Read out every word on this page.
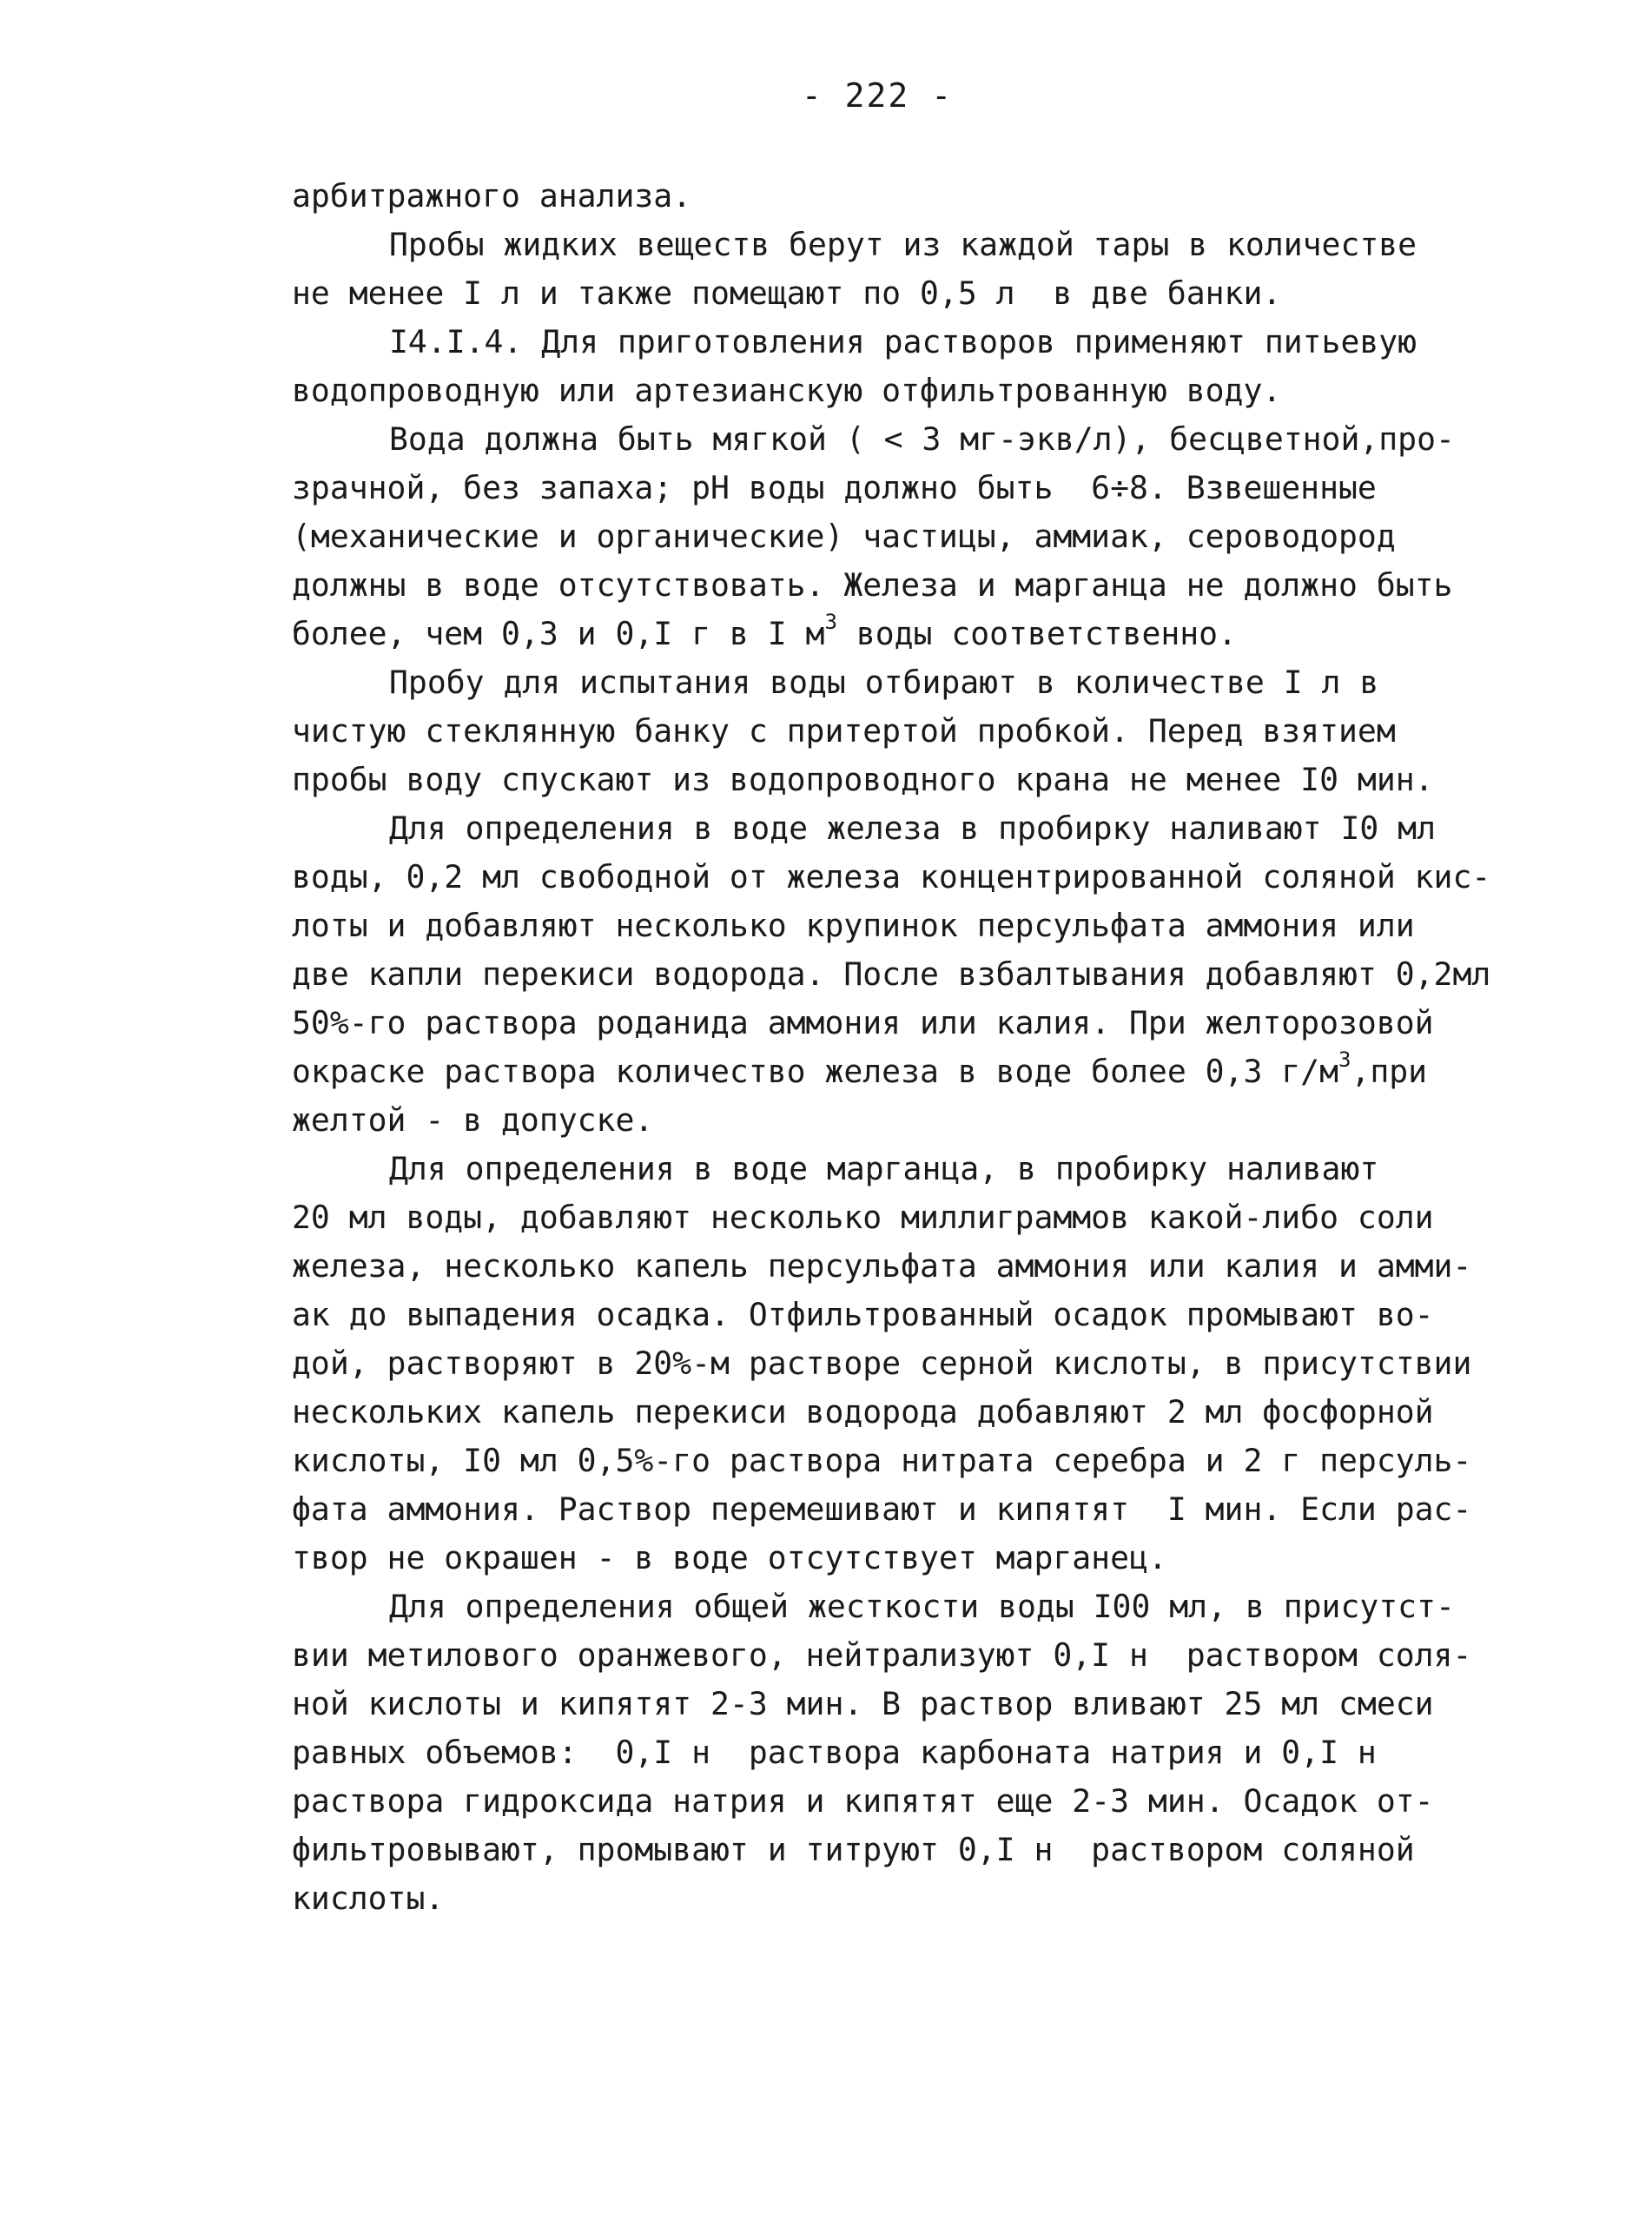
- 222 -
арбитражного анализа.
Пробы жидких веществ берут из каждой тары в количестве
не менее I л и также помещают по 0,5 л  в две банки.
I4.I.4. Для приготовления растворов применяют питьевую
водопроводную или артезианскую отфильтрованную воду.
Вода должна быть мягкой ( < 3 мг-экв/л), бесцветной,про-
зрачной, без запаха; pH воды должно быть  6÷8. Взвешенные
(механические и органические) частицы, аммиак, сероводород
должны в воде отсутствовать. Железа и марганца не должно быть
более, чем 0,3 и 0,I г в I $м^3$ воды соответственно.
Пробу для испытания воды отбирают в количестве I л в
чистую стеклянную банку с притертой пробкой. Перед взятием
пробы воду спускают из водопроводного крана не менее I0 мин.
Для определения в воде железа в пробирку наливают I0 мл
воды, 0,2 мл свободной от железа концентрированной соляной кис-
лоты и добавляют несколько крупинок персульфата аммония или
две капли перекиси водорода. После взбалтывания добавляют 0,2мл
50%-го раствора роданида аммония или калия. При желторозовой
окраске раствора количество железа в воде более 0,3 $г/м^3,при$
желтой - в допуске.
Для определения в воде марганца, в пробирку наливают
20 мл воды, добавляют несколько миллиграммов какой-либо соли
железа, несколько капель персульфата аммония или калия и амми-
ак до выпадения осадка. Отфильтрованный осадок промывают во-
дой, растворяют в 20%-м растворе серной кислоты, в присутствии
нескольких капель перекиси водорода добавляют 2 мл фосфорной
кислоты, I0 мл 0,5%-го раствора нитрата серебра и 2 г персуль-
фата аммония. Раствор перемешивают и кипятят  I мин. Если рас-
твор не окрашен - в воде отсутствует марганец.
Для определения общей жесткости воды I00 мл, в присутст-
вии метилового оранжевого, нейтрализуют 0,I н  раствором соля-
ной кислоты и кипятят 2-3 мин. В раствор вливают 25 мл смеси
равных объемов:  0,I н  раствора карбоната натрия и 0,I н
раствора гидроксида натрия и кипятят еще 2-3 мин. Осадок от-
фильтровывают, промывают и титруют 0,I н  раствором соляной
кислоты.
